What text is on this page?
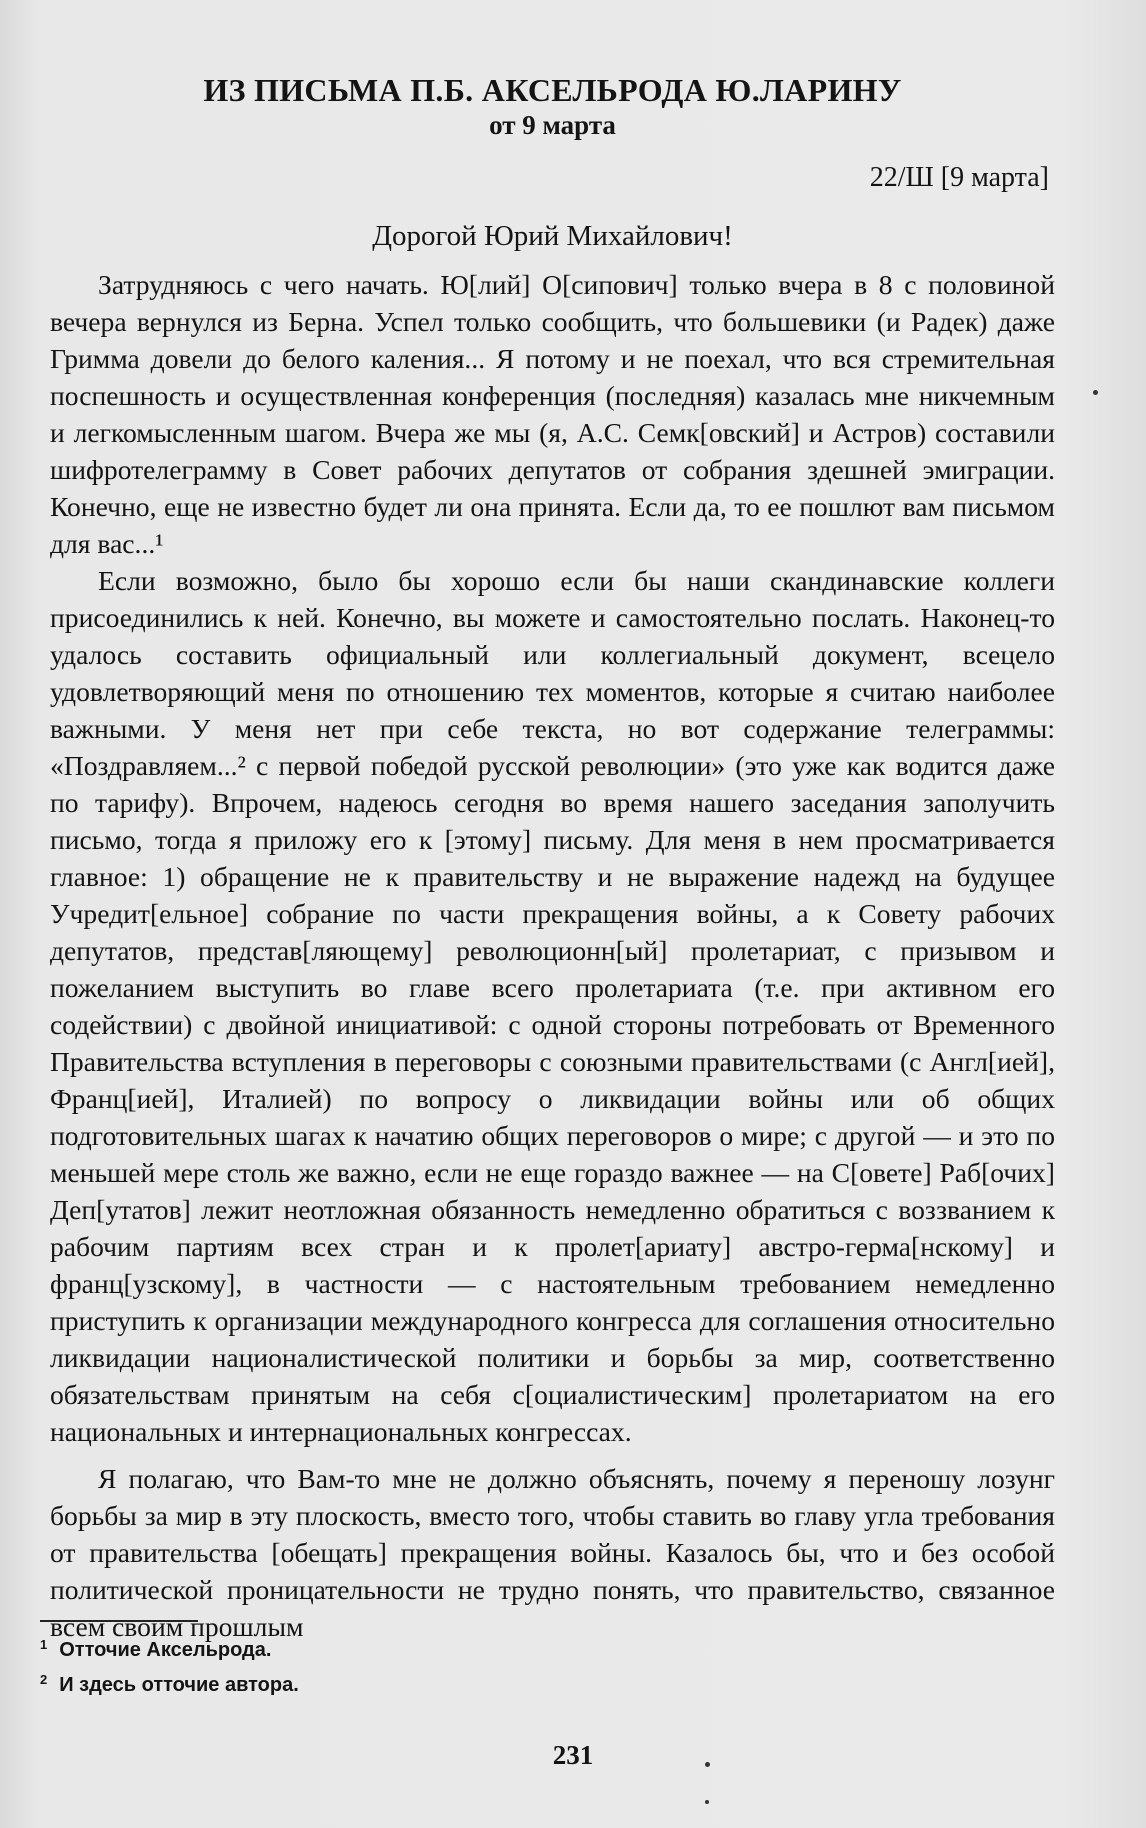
ИЗ ПИСЬМА П.Б. АКСЕЛЬРОДА Ю.ЛАРИНУ
от 9 марта
22/Ш [9 марта]
Дорогой Юрий Михайлович!

Затрудняюсь с чего начать. Ю[лий] О[сипович] только вчера в 8 с половиной вечера вернулся из Берна. Успел только сообщить, что большевики (и Радек) даже Гримма довели до белого каления... Я потому и не поехал, что вся стремительная поспешность и осуществленная конференция (последняя) казалась мне никчемным и легкомысленным шагом. Вчера же мы (я, А.С. Семк[овский] и Астров) составили шифротелеграмму в Совет рабочих депутатов от собрания здешней эмиграции. Конечно, еще не известно будет ли она принята. Если да, то ее пошлют вам письмом для вас...¹

Если возможно, было бы хорошо если бы наши скандинавские коллеги присоединились к ней. Конечно, вы можете и самостоятельно послать. Наконец-то удалось составить официальный или коллегиальный документ, всецело удовлетворяющий меня по отношению тех моментов, которые я считаю наиболее важными. У меня нет при себе текста, но вот содержание телеграммы: «Поздравляем...² с первой победой русской революции» (это уже как водится даже по тарифу). Впрочем, надеюсь сегодня во время нашего заседания заполучить письмо, тогда я приложу его к [этому] письму. Для меня в нем просматривается главное: 1) обращение не к правительству и не выражение надежд на будущее Учредит[ельное] собрание по части прекращения войны, а к Совету рабочих депутатов, представ[ляющему] революционн[ый] пролетариат, с призывом и пожеланием выступить во главе всего пролетариата (т.е. при активном его содействии) с двойной инициативой: с одной стороны потребовать от Временного Правительства вступления в переговоры с союзными правительствами (с Англ[ией], Франц[ией], Италией) по вопросу о ликвидации войны или об общих подготовительных шагах к начатию общих переговоров о мире; с другой — и это по меньшей мере столь же важно, если не еще гораздо важнее — на С[овете] Раб[очих] Деп[утатов] лежит неотложная обязанность немедленно обратиться с воззванием к рабочим партиям всех стран и к пролет[ариату] австро-герма[нскому] и франц[узскому], в частности — с настоятельным требованием немедленно приступить к организации международного конгресса для соглашения относительно ликвидации националистической политики и борьбы за мир, соответственно обязательствам принятым на себя с[оциалистическим] пролетариатом на его национальных и интернациональных конгрессах.

Я полагаю, что Вам-то мне не должно объяснять, почему я переношу лозунг борьбы за мир в эту плоскость, вместо того, чтобы ставить во главу угла требования от правительства [обещать] прекращения войны. Казалось бы, что и без особой политической проницательности не трудно понять, что правительство, связанное всем своим прошлым

$^1$ Отточие Аксельрода.
$^2$ И здесь отточие автора.
231
